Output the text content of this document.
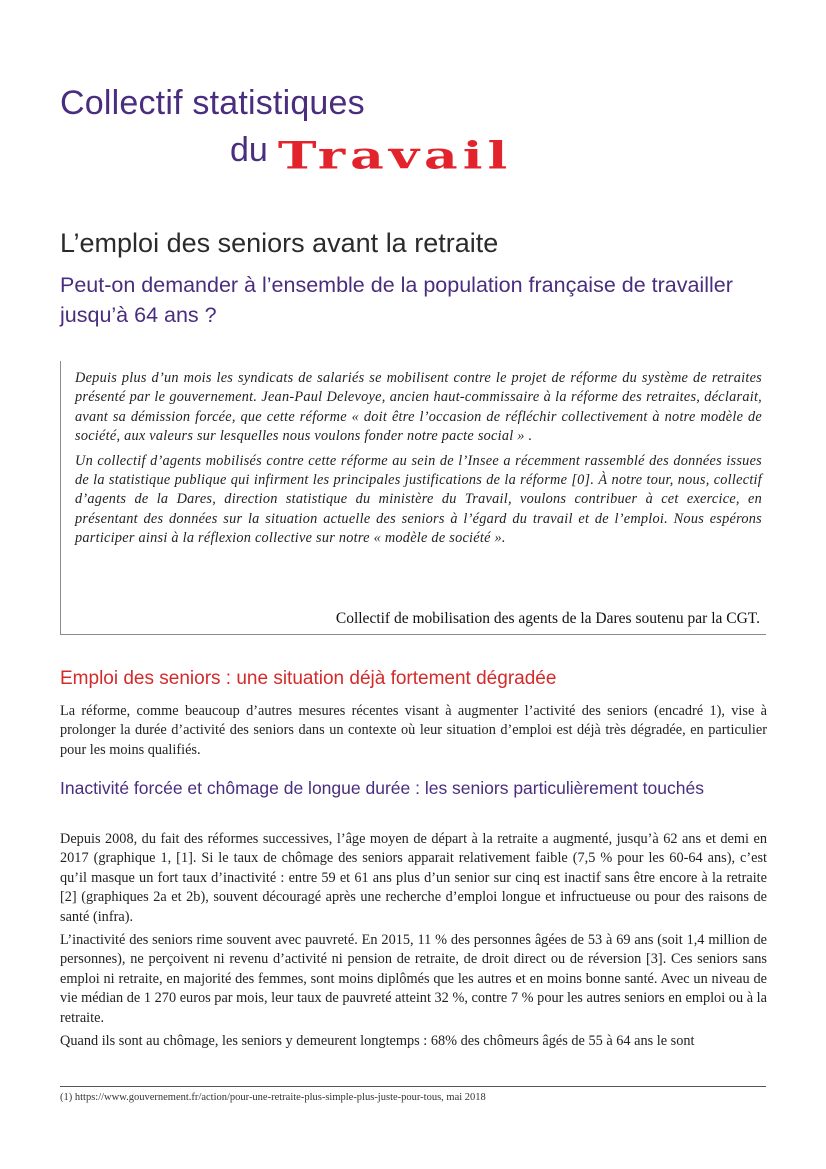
Collectif statistiques
du Travail
L’emploi des seniors avant la retraite
Peut-on demander à l’ensemble de la population française de travailler jusqu’à 64 ans ?

Depuis plus d’un mois les syndicats de salariés se mobilisent contre le projet de réforme du système de retraites présenté par le gouvernement. Jean-Paul Delevoye, ancien haut-commissaire à la réforme des retraites, déclarait, avant sa démission forcée, que cette réforme « doit être l’occasion de réfléchir collectivement à notre modèle de société, aux valeurs sur lesquelles nous voulons fonder notre pacte social » .

Un collectif d’agents mobilisés contre cette réforme au sein de l’Insee a récemment rassemblé des données issues de la statistique publique qui infirment les principales justifications de la réforme [0]. À notre tour, nous, collectif d’agents de la Dares, direction statistique du ministère du Travail, voulons contribuer à cet exercice, en présentant des données sur la situation actuelle des seniors à l’égard du travail et de l’emploi. Nous espérons participer ainsi à la réflexion collective sur notre « modèle de société ».

Collectif de mobilisation des agents de la Dares soutenu par la CGT.
Emploi des seniors : une situation déjà fortement dégradée

La réforme, comme beaucoup d’autres mesures récentes visant à augmenter l’activité des seniors (encadré 1), vise à prolonger la durée d’activité des seniors dans un contexte où leur situation d’emploi est déjà très dégradée, en particulier pour les moins qualifiés.

Inactivité forcée et chômage de longue durée : les seniors particulièrement touchés

Depuis 2008, du fait des réformes successives, l’âge moyen de départ à la retraite a augmenté, jusqu’à 62 ans et demi en 2017 (graphique 1, [1]. Si le taux de chômage des seniors apparait relativement faible (7,5 % pour les 60-64 ans), c’est qu’il masque un fort taux d’inactivité : entre 59 et 61 ans plus d’un senior sur cinq est inactif sans être encore à la retraite [2] (graphiques 2a et 2b), souvent découragé après une recherche d’emploi longue et infructueuse ou pour des raisons de santé (infra).

L’inactivité des seniors rime souvent avec pauvreté. En 2015, 11 % des personnes âgées de 53 à 69 ans (soit 1,4 million de personnes), ne perçoivent ni revenu d’activité ni pension de retraite, de droit direct ou de réversion [3]. Ces seniors sans emploi ni retraite, en majorité des femmes, sont moins diplômés que les autres et en moins bonne santé. Avec un niveau de vie médian de 1 270 euros par mois, leur taux de pauvreté atteint 32 %, contre 7 % pour les autres seniors en emploi ou à la retraite.

Quand ils sont au chômage, les seniors y demeurent longtemps : 68% des chômeurs âgés de 55 à 64 ans le sont

(1) https://www.gouvernement.fr/action/pour-une-retraite-plus-simple-plus-juste-pour-tous, mai 2018
